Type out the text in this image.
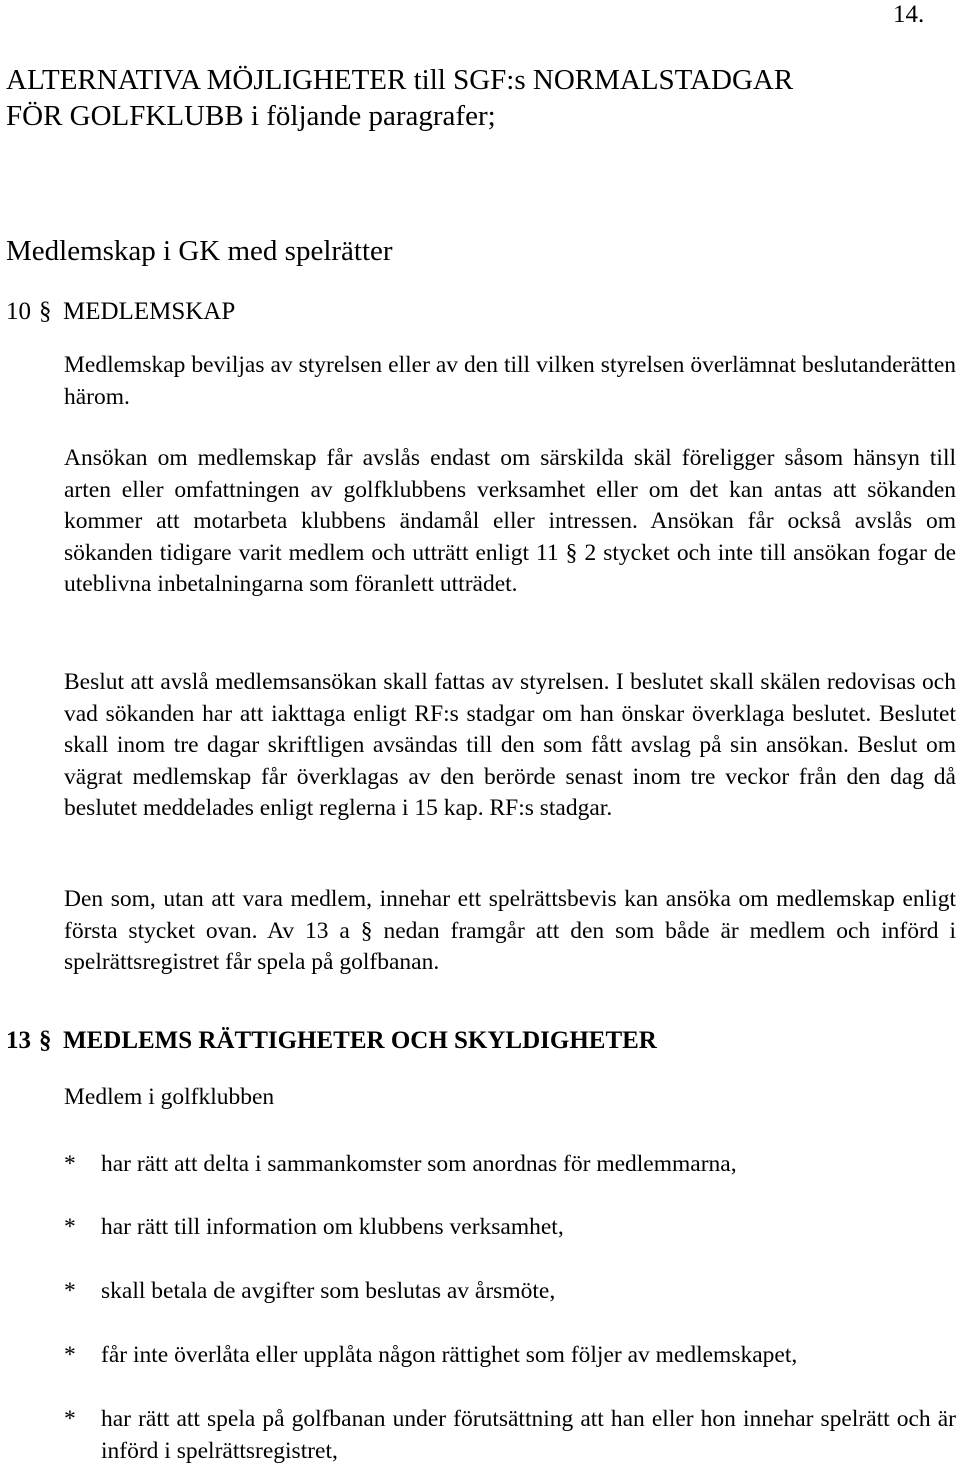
14.
ALTERNATIVA MÖJLIGHETER till SGF:s NORMALSTADGAR FÖR GOLFKLUBB i följande paragrafer;
Medlemskap i GK med spelrätter
10 § MEDLEMSKAP

Medlemskap beviljas av styrelsen eller av den till vilken styrelsen överlämnat beslutanderätten härom.

Ansökan om medlemskap får avslås endast om särskilda skäl föreligger såsom hänsyn till arten eller omfattningen av golfklubbens verksamhet eller om det kan antas att sökanden kommer att motarbeta klubbens ändamål eller intressen. Ansökan får också avslås om sökanden tidigare varit medlem och utträtt enligt 11 § 2 stycket och inte till ansökan fogar de uteblivna inbetalningarna som föranlett utträdet.

Beslut att avslå medlemsansökan skall fattas av styrelsen. I beslutet skall skälen redovisas och vad sökanden har att iakttaga enligt RF:s stadgar om han önskar överklaga beslutet. Beslutet skall inom tre dagar skriftligen avsändas till den som fått avslag på sin ansökan. Beslut om vägrat medlemskap får överklagas av den berörde senast inom tre veckor från den dag då beslutet meddelades enligt reglerna i 15 kap. RF:s stadgar.

Den som, utan att vara medlem, innehar ett spelrättsbevis kan ansöka om medlemskap enligt första stycket ovan. Av 13 a § nedan framgår att den som både är medlem och införd i spelrättsregistret får spela på golfbanan.

13 § MEDLEMS RÄTTIGHETER OCH SKYLDIGHETER

Medlem i golfklubben

* har rätt att delta i sammankomster som anordnas för medlemmarna,
* har rätt till information om klubbens verksamhet,
* skall betala de avgifter som beslutas av årsmöte,
* får inte överlåta eller upplåta någon rättighet som följer av medlemskapet,
* har rätt att spela på golfbanan under förutsättning att han eller hon innehar spelrätt och är införd i spelrättsregistret,
